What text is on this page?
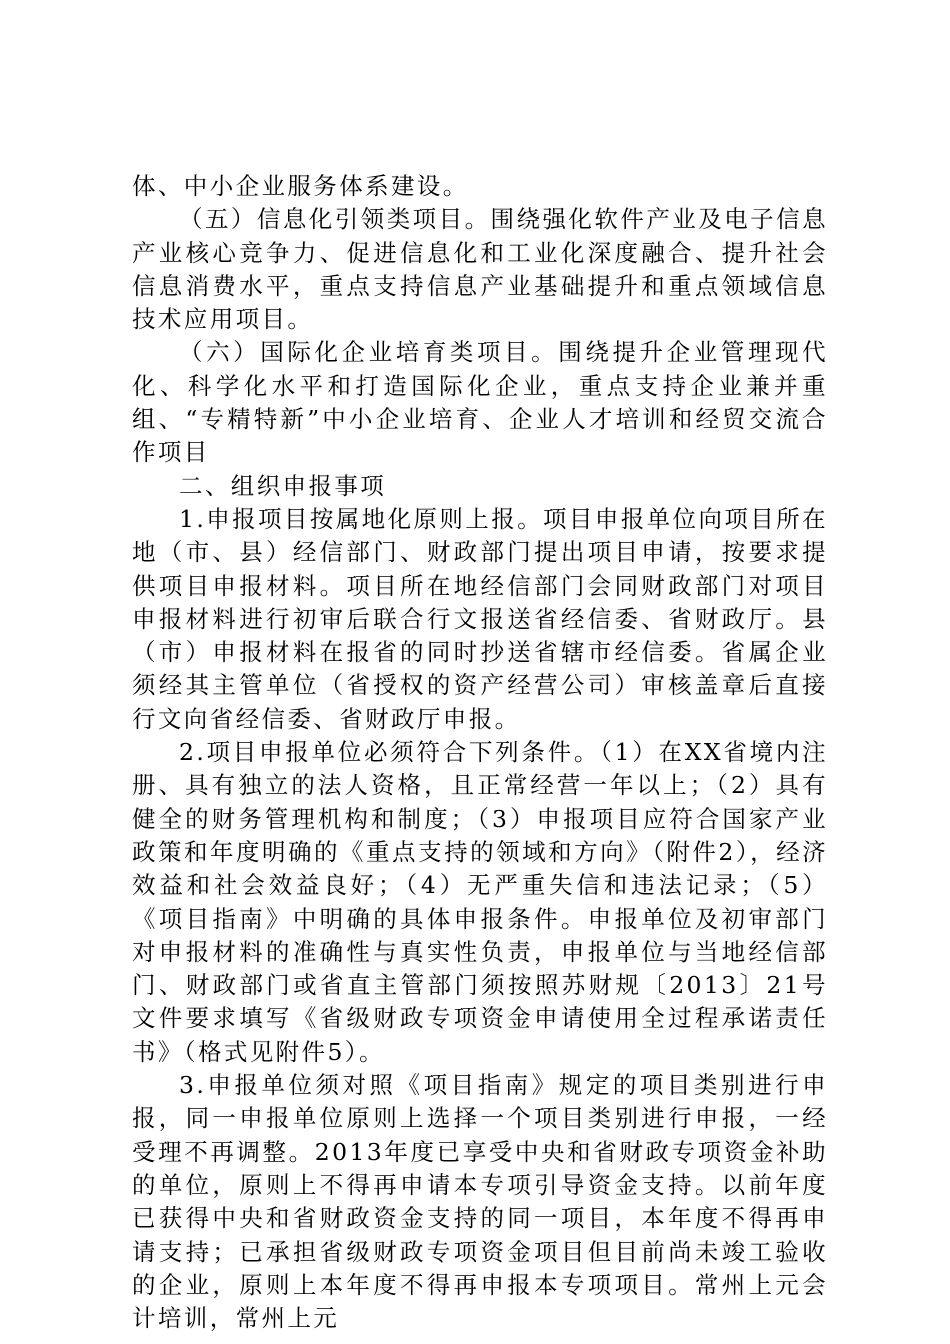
体、中小企业服务体系建设。

（五）信息化引领类项目。围绕强化软件产业及电子信息产业核心竞争力、促进信息化和工业化深度融合、提升社会信息消费水平，重点支持信息产业基础提升和重点领域信息技术应用项目。

（六）国际化企业培育类项目。围绕提升企业管理现代化、科学化水平和打造国际化企业，重点支持企业兼并重组、“专精特新”中小企业培育、企业人才培训和经贸交流合作项目

二、组织申报事项

1.申报项目按属地化原则上报。项目申报单位向项目所在地（市、县）经信部门、财政部门提出项目申请，按要求提供项目申报材料。项目所在地经信部门会同财政部门对项目申报材料进行初审后联合行文报送省经信委、省财政厅。县（市）申报材料在报省的同时抄送省辖市经信委。省属企业须经其主管单位（省授权的资产经营公司）审核盖章后直接行文向省经信委、省财政厅申报。

2.项目申报单位必须符合下列条件。（1）在XX省境内注册、具有独立的法人资格，且正常经营一年以上；（2）具有健全的财务管理机构和制度；（3）申报项目应符合国家产业政策和年度明确的《重点支持的领域和方向》（附件2），经济效益和社会效益良好；（4）无严重失信和违法记录；（5）《项目指南》中明确的具体申报条件。申报单位及初审部门对申报材料的准确性与真实性负责，申报单位与当地经信部门、财政部门或省直主管部门须按照苏财规〔2013〕21号文件要求填写《省级财政专项资金申请使用全过程承诺责任书》（格式见附件5）。

3.申报单位须对照《项目指南》规定的项目类别进行申报，同一申报单位原则上选择一个项目类别进行申报，一经受理不再调整。2013年度已享受中央和省财政专项资金补助的单位，原则上不得再申请本专项引导资金支持。以前年度已获得中央和省财政资金支持的同一项目，本年度不得再申请支持；已承担省级财政专项资金项目但目前尚未竣工验收的企业，原则上本年度不得再申报本专项项目。常州上元会计培训，常州上元
